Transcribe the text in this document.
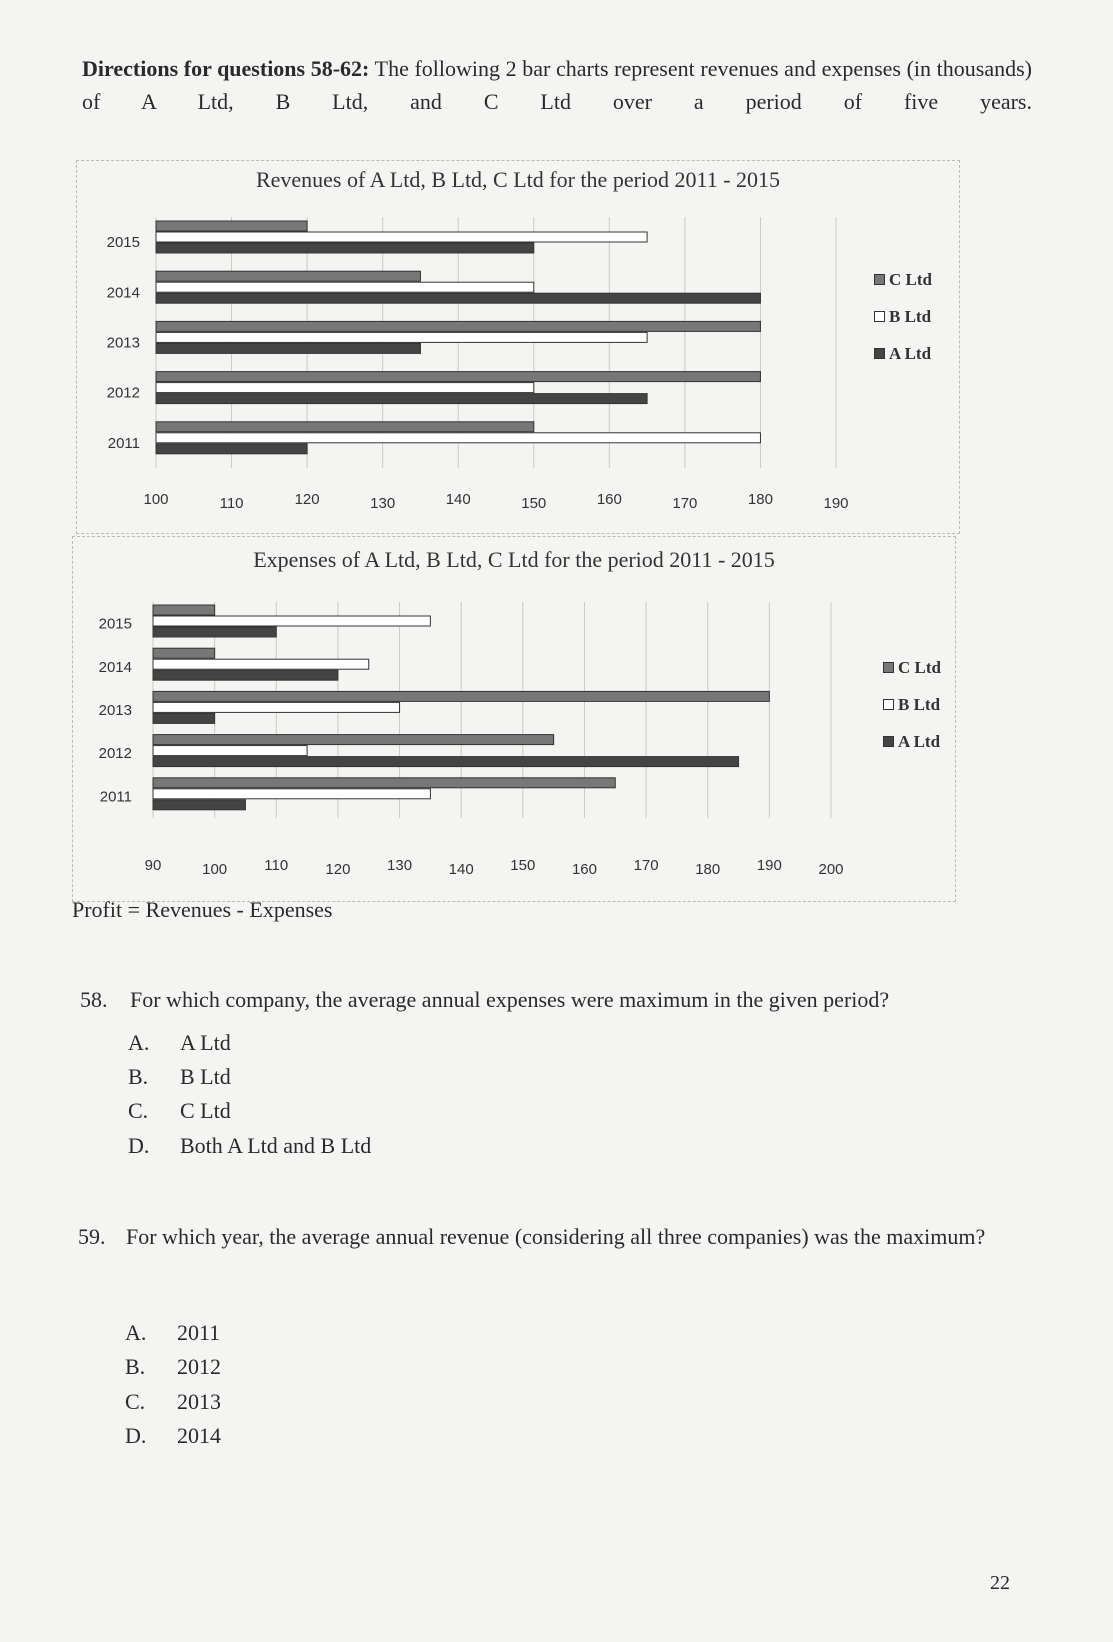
Directions for questions 58-62: The following 2 bar charts represent revenues and expenses (in thousands) of A Ltd, B Ltd, and C Ltd over a period of five years.
Revenues of A Ltd, B Ltd, C Ltd for the period 2011 - 2015
100	110	120	130	140	150	160	170	180	190
2011
2012
2013
2014
2015
C Ltd
B Ltd
A Ltd
Expenses of A Ltd, B Ltd, C Ltd for the period 2011 - 2015
90	100 110 120 130 140 150 160 170 180 190 200
2011
2012
2013
2014
2015
C Ltd
B Ltd
A Ltd
Profit = Revenues - Expenses
58. For which company, the average annual expenses were maximum in the given period?
A. A Ltd
B. B Ltd
C. C Ltd
D. Both A Ltd and B Ltd
59. For which year, the average annual revenue (considering all three companies) was the maximum?
A. 2011
B. 2012
C. 2013
D. 2014
22
